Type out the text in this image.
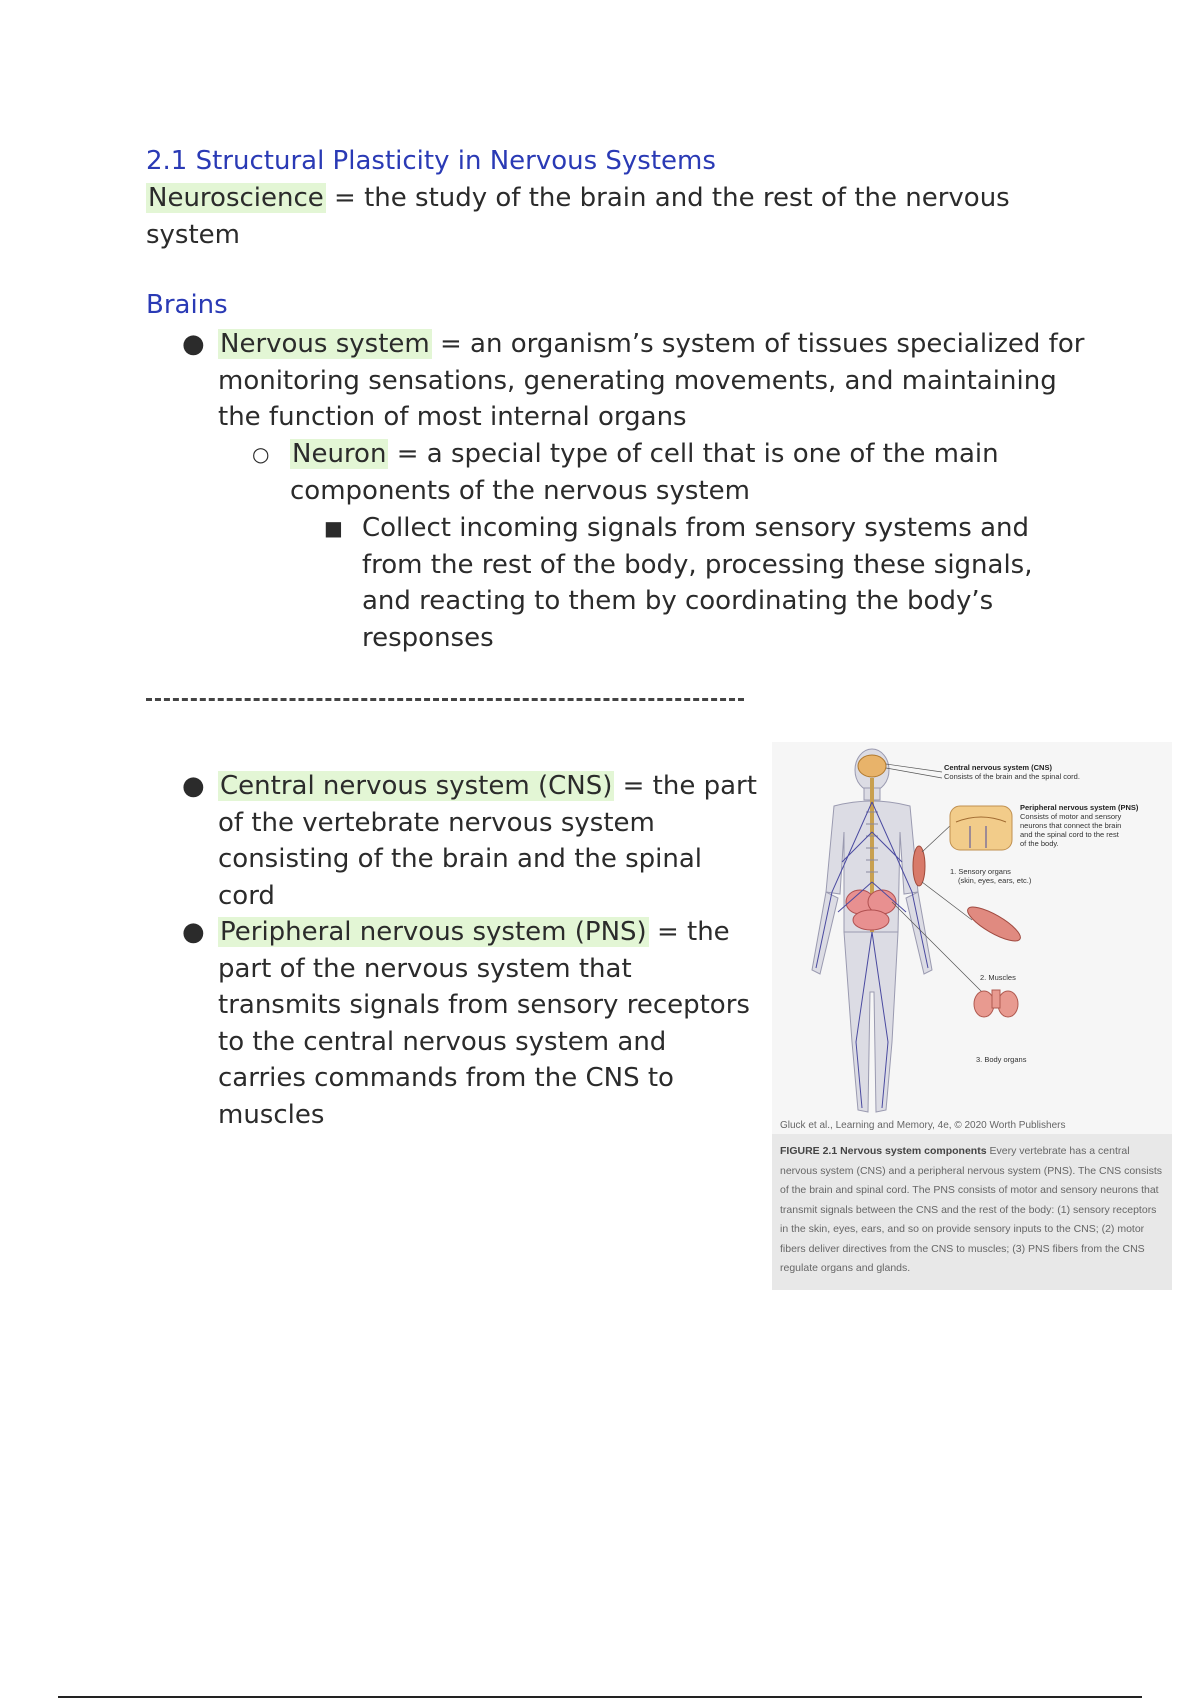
2.1 Structural Plasticity in Nervous Systems

Neuroscience = the study of the brain and the rest of the nervous system

Brains
● Nervous system = an organism’s system of tissues specialized for monitoring sensations, generating movements, and maintaining the function of most internal organs

○ Neuron = a special type of cell that is one of the main components of the nervous system

■ Collect incoming signals from sensory systems and from the rest of the body, processing these signals, and reacting to them by coordinating the body’s responses

● Central nervous system (CNS) = the part of the vertebrate nervous system consisting of the brain and the spinal cord

● Peripheral nervous system (PNS) = the part of the nervous system that transmits signals from sensory receptors to the central nervous system and carries commands from the CNS to muscles

Central nervous system (CNS)
Consists of the brain and the spinal cord.
Peripheral nervous system (PNS)
Consists of motor and sensory
neurons that connect the brain
and the spinal cord to the rest
of the body.
1. Sensory organs
(skin, eyes, ears, etc.)
2. Muscles
3. Body organs
Gluck et al., Learning and Memory, 4e, © 2020 Worth Publishers

FIGURE 2.1 Nervous system components Every vertebrate has a central nervous system (CNS) and a peripheral nervous system (PNS). The CNS consists of the brain and spinal cord. The PNS consists of motor and sensory neurons that transmit signals between the CNS and the rest of the body: (1) sensory receptors in the skin, eyes, ears, and so on provide sensory inputs to the CNS; (2) motor fibers deliver directives from the CNS to muscles; (3) PNS fibers from the CNS regulate organs and glands.
